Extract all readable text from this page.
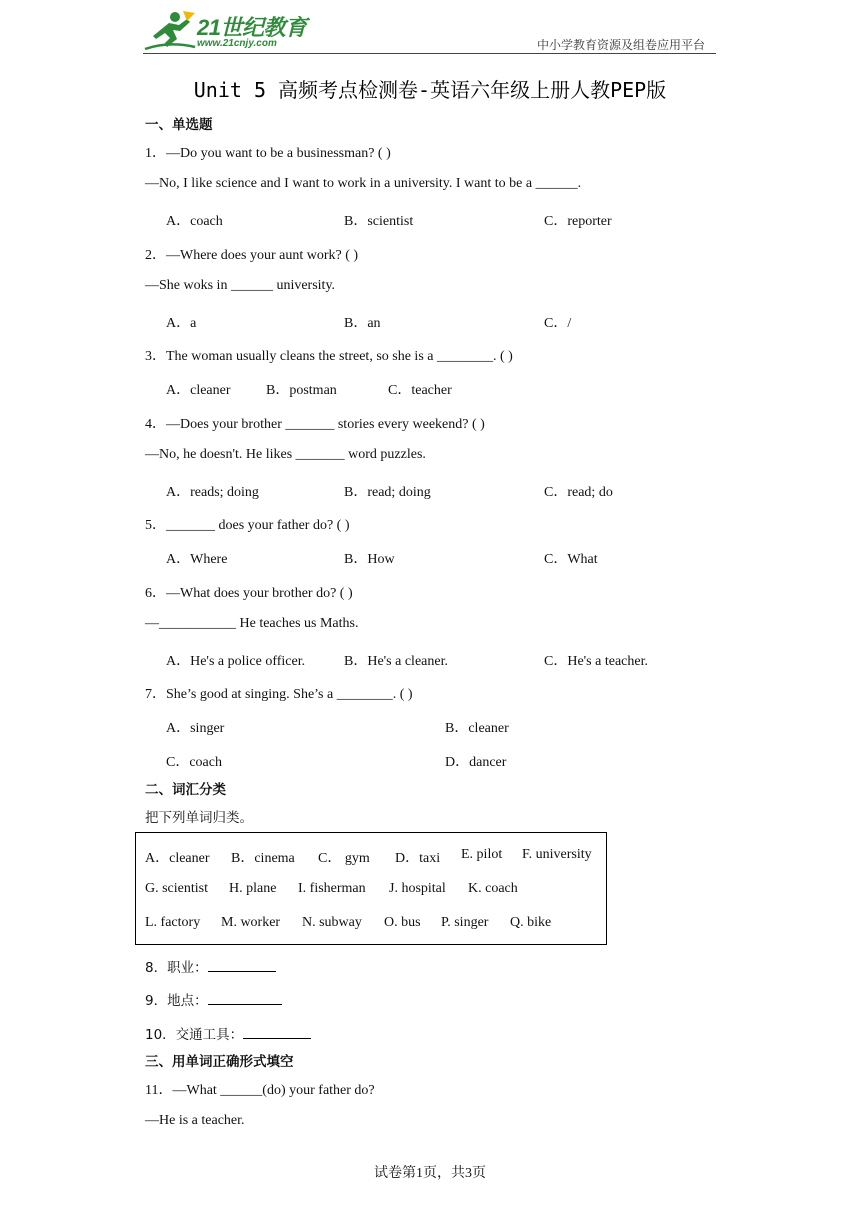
21世纪教育
www.21cnjy.com	中小学教育资源及组卷应用平台
Unit 5 高频考点检测卷-英语六年级上册人教PEP版
一、单选题
1．—Do you want to be a businessman? ( )
—No, I like science and I want to work in a university. I want to be a ______.
A．coach	B．scientist	C．reporter
2．—Where does your aunt work? ( )
—She woks in ______ university.
A．a	B．an	C．/
3．The woman usually cleans the street, so she is a ________. ( )
A．cleaner	B．postman	C．teacher
4．—Does your brother _______ stories every weekend? ( )
—No, he doesn't. He likes _______ word puzzles.
A．reads; doing	B．read; doing	C．read; do
5．_______ does your father do? ( )
A．Where	B．How	C．What
6．—What does your brother do? ( )
—___________ He teaches us Maths.
A．He's a police officer.	B．He's a cleaner.	C．He's a teacher.
7．She’s good at singing. She’s a ________. ( )
A．singer	B．cleaner
C．coach	D．dancer
二、词汇分类
把下列单词归类。
A．cleaner B．cinema C． gym D．taxi E. pilot F. university
G. scientist H. plane I. fisherman J. hospital K. coach
L. factory M. worker N. subway O. bus P. singer Q. bike
8．职业：
9．地点：
10．交通工具：
三、用单词正确形式填空
11．—What ______(do) your father do?
—He is a teacher.
试卷第1页，共3页
